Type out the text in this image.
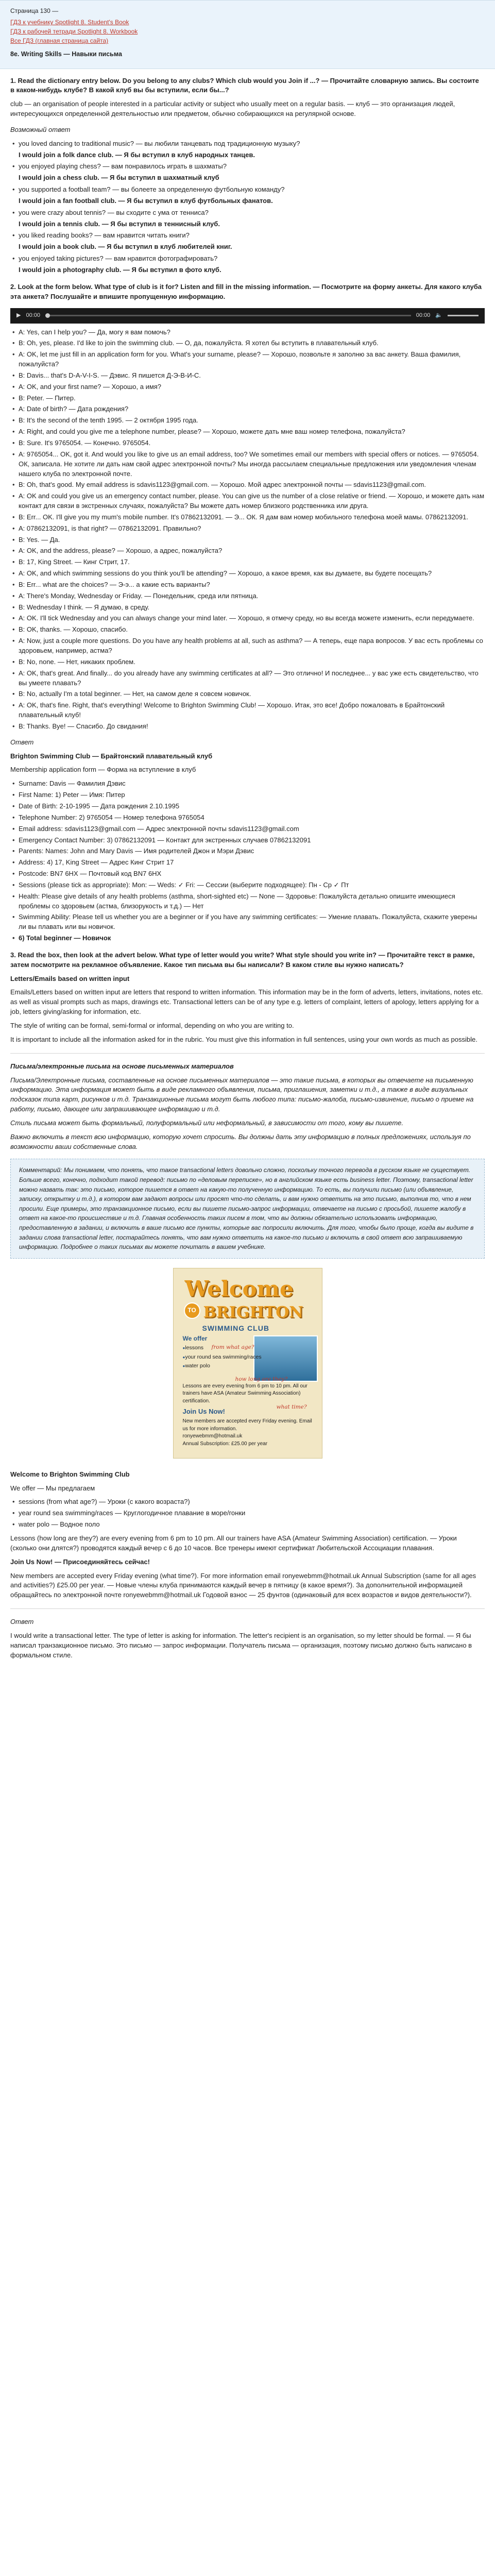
Страница 130 —
ГДЗ к учебнику Spotlight 8. Student's Book
ГДЗ к рабочей тетради Spotlight 8. Workbook
Все ГДЗ (главная страница сайта)
8e. Writing Skills — Навыки письма

1. Read the dictionary entry below. Do you belong to any clubs? Which club would you Join if ...? — Прочитайте словарную запись. Вы состоите в каком-нибудь клубе? В какой клуб вы бы вступили, если бы...?

club — an organisation of people interested in a particular activity or subject who usually meet on a regular basis. — клуб — это организация людей, интересующихся определенной деятельностью или предметом, обычно собирающихся на регулярной основе.

Возможный ответ

• you loved dancing to traditional music? — вы любили танцевать под традиционную музыку?
I would join a folk dance club. — Я бы вступил в клуб народных танцев.
• you enjoyed playing chess? — вам понравилось играть в шахматы?
I would join a chess club. — Я бы вступил в шахматный клуб
• you supported a football team? — вы болеете за определенную футбольную команду?
I would join a fan football club. — Я бы вступил в клуб футбольных фанатов.
• you were crazy about tennis? — вы сходите с ума от тенниса?
I would join a tennis club. — Я бы вступил в теннисный клуб.
• you liked reading books? — вам нравится читать книги?
I would join a book club. — Я бы вступил в клуб любителей книг.
• you enjoyed taking pictures? — вам нравится фотографировать?
I would join a photography club. — Я бы вступил в фото клуб.

2. Look at the form below. What type of club is it for? Listen and fill in the missing information. — Посмотрите на форму анкеты. Для какого клуба эта анкета? Послушайте и впишите пропущенную информацию.

▶ 00:00	00:00 🔈
• A: Yes, can I help you? — Да, могу я вам помочь?
• B: Oh, yes, please. I'd like to join the swimming club. — О, да, пожалуйста. Я хотел бы вступить в плавательный клуб.
• A: OK, let me just fill in an application form for you. What's your surname, please? — Хорошо, позвольте я заполню за вас анкету. Ваша фамилия, пожалуйста?
• B: Davis... that's D-A-V-I-S. — Дэвис. Я пишется Д-Э-В-И-С.
• A: OK, and your first name? — Хорошо, а имя?
• B: Peter. — Питер.
• A: Date of birth? — Дата рождения?
• B: It's the second of the tenth 1995. — 2 октября 1995 года.
• A: Right, and could you give me a telephone number, please? — Хорошо, можете дать мне ваш номер телефона, пожалуйста?
• B: Sure. It's 9765054. — Конечно. 9765054.
• A: 9765054... OK, got it. And would you like to give us an email address, too? We sometimes email our members with special offers or notices. — 9765054. ОК, записала. Не хотите ли дать нам свой адрес электронной почты? Мы иногда рассылаем специальные предложения или уведомления членам нашего клуба по электронной почте.
• B: Oh, that's good. My email address is sdavis1123@gmail.com. — Хорошо. Мой адрес электронной почты — sdavis1123@gmail.com.
• A: OK and could you give us an emergency contact number, please. You can give us the number of a close relative or friend. — Хорошо, и можете дать нам контакт для связи в экстренных случаях, пожалуйста? Вы можете дать номер близкого родственника или друга.
• B: Err... OK. I'll give you my mum's mobile number. It's 07862132091. — Э... ОК. Я дам вам номер мобильного телефона моей мамы. 07862132091.
• A: 07862132091, is that right? — 07862132091. Правильно?
• B: Yes. — Да.
• A: OK, and the address, please? — Хорошо, а адрес, пожалуйста?
• B: 17, King Street. — Кинг Стрит, 17.
• A: OK, and which swimming sessions do you think you'll be attending? — Хорошо, а какое время, как вы думаете, вы будете посещать?
• B: Err... what are the choices? — Э-э... а какие есть варианты?
• A: There's Monday, Wednesday or Friday. — Понедельник, среда или пятница.
• B: Wednesday I think. — Я думаю, в среду.
• A: OK. I'll tick Wednesday and you can always change your mind later. — Хорошо, я отмечу среду, но вы всегда можете изменить, если передумаете.
• B: OK, thanks. — Хорошо, спасибо.
• A: Now, just a couple more questions. Do you have any health problems at all, such as asthma? — А теперь, еще пара вопросов. У вас есть проблемы со здоровьем, например, астма?
• B: No, none. — Нет, никаких проблем.
• A: OK, that's great. And finally... do you already have any swimming certificates at all? — Это отлично! И последнее... у вас уже есть свидетельство, что вы умеете плавать?
• B: No, actually I'm a total beginner. — Нет, на самом деле я совсем новичок.
• A: OK, that's fine. Right, that's everything! Welcome to Brighton Swimming Club! — Хорошо. Итак, это все! Добро пожаловать в Брайтонский плавательный клуб!
• B: Thanks. Bye! — Спасибо. До свидания!

Ответ

Brighton Swimming Club — Брайтонский плавательный клуб

Membership application form — Форма на вступление в клуб

• Surname: Davis — Фамилия Дэвис
• First Name: 1) Peter — Имя: Питер
• Date of Birth: 2-10-1995 — Дата рождения 2.10.1995
• Telephone Number: 2) 9765054 — Номер телефона 9765054
• Email address: sdavis1123@gmail.com — Адрес электронной почты sdavis1123@gmail.com
• Emergency Contact Number: 3) 07862132091 — Контакт для экстренных случаев 07862132091
• Parents: Names: John and Mary Davis — Имя родителей Джон и Мэри Дэвис
• Address: 4) 17, King Street — Адрес Кинг Стрит 17
• Postcode: BN7 6HX — Почтовый код BN7 6HX
• Sessions (please tick as appropriate): Mon: — Weds: ✓ Fri: — Сессии (выберите подходящее): Пн - Ср ✓ Пт
• Health: Please give details of any health problems (asthma, short-sighted etc) — None — Здоровье: Пожалуйста детально опишите имеющиеся проблемы со здоровьем (астма, близорукость и т.д.) — Нет
• Swimming Ability: Please tell us whether you are a beginner or if you have any swimming certificates: — Умение плавать. Пожалуйста, скажите уверены ли вы плавать или вы новичок.
• 6) Total beginner — Новичок

3. Read the box, then look at the advert below. What type of letter would you write? What style should you write in? — Прочитайте текст в рамке, затем посмотрите на рекламное объявление. Какое тип письма вы бы написали? В каком стиле вы нужно написать?

Letters/Emails based on written input

Emails/Letters based on written input are letters that respond to written information. This information may be in the form of adverts, letters, invitations, notes etc. as well as visual prompts such as maps, drawings etc. Transactional letters can be of any type e.g. letters of complaint, letters of apology, letters applying for a job, letters giving/asking for information, etc.

The style of writing can be formal, semi-formal or informal, depending on who you are writing to.

It is important to include all the information asked for in the rubric. You must give this information in full sentences, using your own words as much as possible.

Письма/электронные письма на основе письменных материалов

Письма/Электронные письма, составленные на основе письменных материалов — это такие письма, в которых вы отвечаете на письменную информацию. Эта информация может быть в виде рекламного объявления, письма, приглашения, заметки и т.д., а также в виде визуальных подсказок типа карт, рисунков и т.д. Транзакционные письма могут быть любого типа: письмо-жалоба, письмо-извинение, письмо о приеме на работу, письмо, дающее или запрашивающее информацию и т.д.

Стиль письма может быть формальный, полуформальный или неформальный, в зависимости от того, кому вы пишете.

Важно включить в текст всю информацию, которую хочет спросить. Вы должны дать эту информацию в полных предложениях, используя по возможности ваши собственные слова.

Комментарий: Мы понимаем, что понять, что такое transactional letters довольно сложно, поскольку точного перевода в русском языке не существует. Больше всего, конечно, подходит такой перевод: письмо по «деловым переписке», но в английском языке есть business letter. Поэтому, transactional letter можно назвать так: это письмо, которое пишется в ответ на какую-то полученную информацию. То есть, вы получили письмо (или объявление, записку, открытку и т.д.), в котором вам задают вопросы или просят что-то сделать, и вам нужно ответить на это письмо, выполнив то, что в нем просили. Еще примеры, это транзакционное письмо, если вы пишете письмо-запрос информации, отвечаете на письмо с просьбой, пишете жалобу в ответ на какое-то происшествие и т.д. Главная особенность таких писем в том, что вы должны обязательно использовать информацию, предоставленную в задании, и включить в ваше письмо все пункты, которые вас попросили включить. Для того, чтобы было проще, когда вы видите в задании слова transactional letter, постарайтесь понять, что вам нужно ответить на какое-то письмо и включить в свой ответ всю запрашиваемую информацию. Подробнее о таких письмах вы можете почитать в вашем учебнике.
Welcome
TO BRIGHTON
SWIMMING CLUB
We offer
● lessons
● your round sea swimming/races
● water polo
from what age?
how long are they?
what time?
Lessons are every evening from 6 pm to 10 pm. All our trainers have ASA (Amateur Swimming Association) certification.
Join Us Now!
New members are accepted every Friday evening. Email us for more information.
ronyewebmm@hotmail.uk
Annual Subscription: £25.00 per year
Welcome to Brighton Swimming Club

We offer — Мы предлагаем

• sessions (from what age?) — Уроки (с какого возраста?)
• year round sea swimming/races — Круглогодичное плавание в море/гонки
• water polo — Водное поло

Lessons (how long are they?) are every evening from 6 pm to 10 pm. All our trainers have ASA (Amateur Swimming Association) certification. — Уроки (сколько они длятся?) проводятся каждый вечер с 6 до 10 часов. Все тренеры имеют сертификат Любительской Ассоциации плавания.

Join Us Now! — Присоединяйтесь сейчас!

New members are accepted every Friday evening (what time?). For more information email ronyewebmm@hotmail.uk Annual Subscription (same for all ages and activities?) £25.00 per year. — Новые члены клуба принимаются каждый вечер в пятницу (в какое время?). За дополнительной информацией обращайтесь по электронной почте ronyewebmm@hotmail.uk Годовой взнос — 25 фунтов (одинаковый для всех возрастов и видов деятельности?).

Ответ

I would write a transactional letter. The type of letter is asking for information. The letter's recipient is an organisation, so my letter should be formal. — Я бы написал транзакционное письмо. Это письмо — запрос информации. Получатель письма — организация, поэтому письмо должно быть написано в формальном стиле.
